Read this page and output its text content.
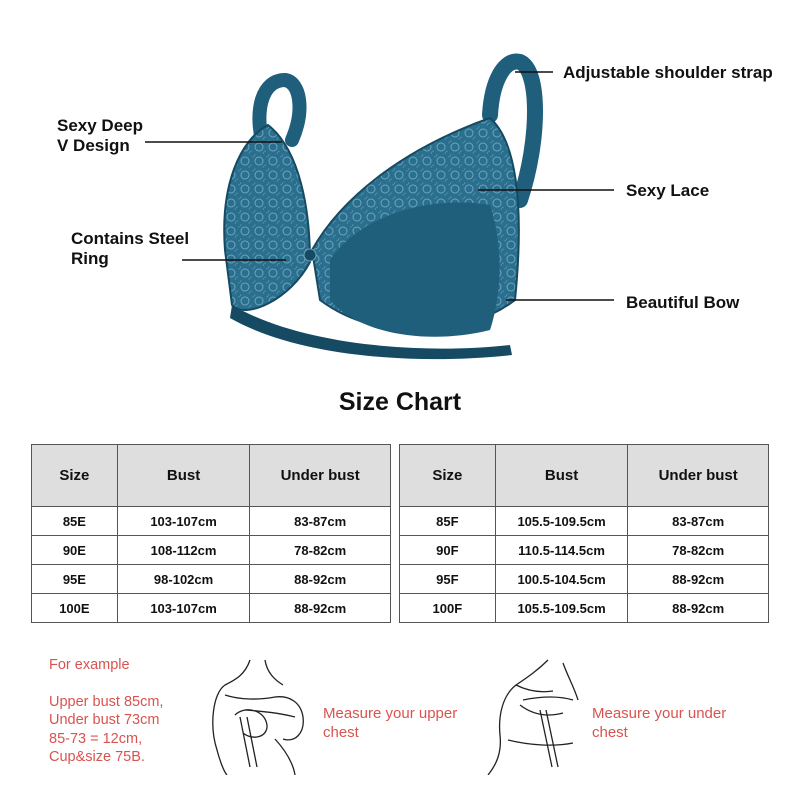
Adjustable shoulder strap
Sexy Deep
V Design
Sexy Lace
Contains Steel
Ring
Beautiful Bow
Size Chart
Size	Bust	Under bust
85E	103-107cm	83-87cm
90E	108-112cm	78-82cm
95E	98-102cm	88-92cm
100E	103-107cm	88-92cm
Size	Bust	Under bust
85F	105.5-109.5cm	83-87cm
90F	110.5-114.5cm	78-82cm
95F	100.5-104.5cm	88-92cm
100F	105.5-109.5cm	88-92cm
For example
Upper bust 85cm,
Under bust 73cm
85-73 = 12cm,
Cup&size 75B.
Measure your upper
chest
Measure your under
chest
